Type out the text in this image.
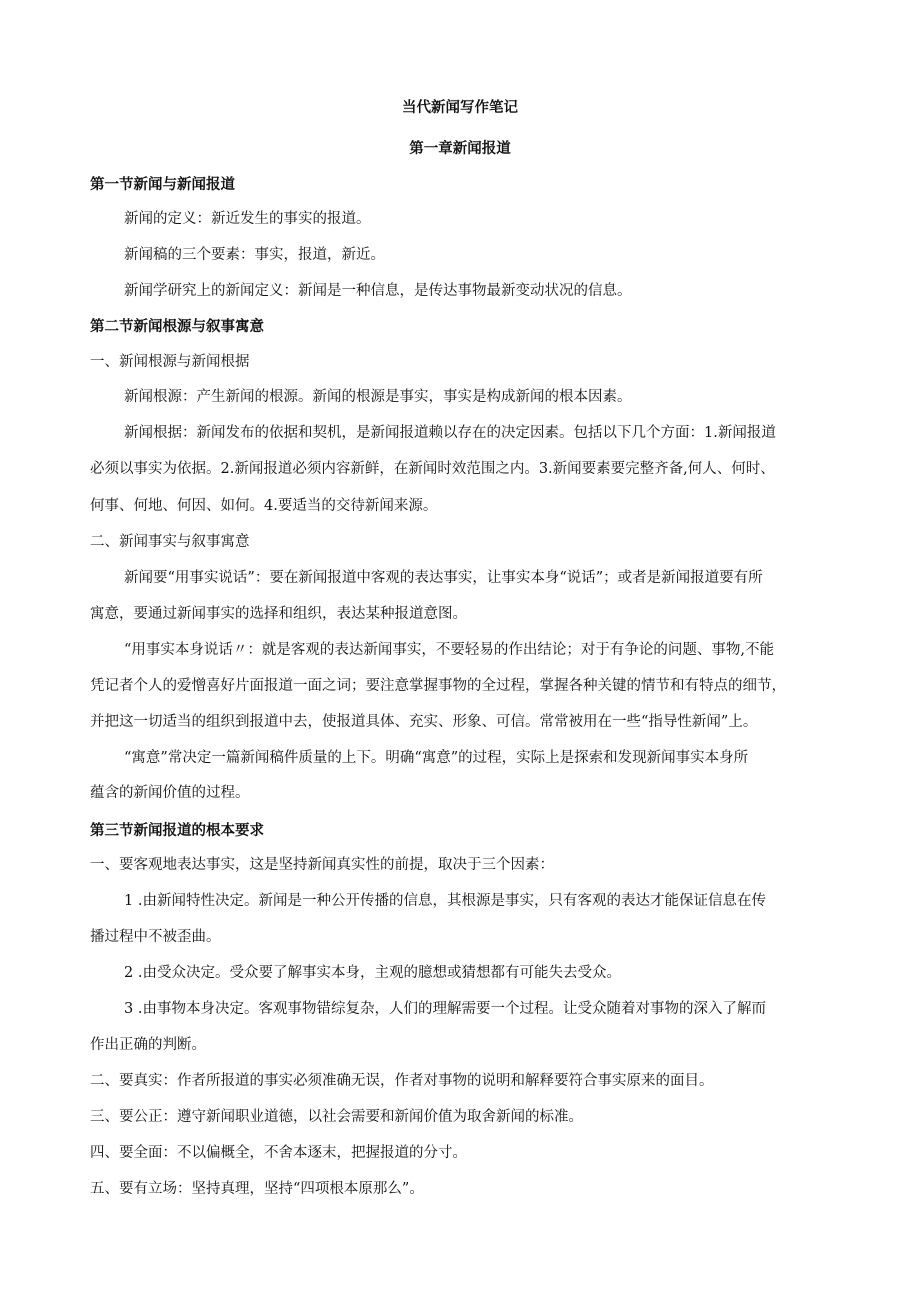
当代新闻写作笔记
第一章新闻报道
第一节新闻与新闻报道
新闻的定义：新近发生的事实的报道。
新闻稿的三个要素：事实，报道，新近。
新闻学研究上的新闻定义：新闻是一种信息，是传达事物最新变动状况的信息。
第二节新闻根源与叙事寓意
一、新闻根源与新闻根据
新闻根源：产生新闻的根源。新闻的根源是事实，事实是构成新闻的根本因素。
新闻根据：新闻发布的依据和契机，是新闻报道赖以存在的决定因素。包括以下几个方面：1.新闻报道
必须以事实为依据。2.新闻报道必须内容新鲜，在新闻时效范围之内。3.新闻要素要完整齐备,何人、何时、
何事、何地、何因、如何。4.要适当的交待新闻来源。
二、新闻事实与叙事寓意
新闻要“用事实说话”：要在新闻报道中客观的表达事实，让事实本身“说话”；或者是新闻报道要有所
寓意，要通过新闻事实的选择和组织，表达某种报道意图。
“用事实本身说话〃：就是客观的表达新闻事实，不要轻易的作出结论；对于有争论的问题、事物,不能
凭记者个人的爱憎喜好片面报道一面之词；要注意掌握事物的全过程，掌握各种关键的情节和有特点的细节，
并把这一切适当的组织到报道中去，使报道具体、充实、形象、可信。常常被用在一些“指导性新闻”上。
“寓意”常决定一篇新闻稿件质量的上下。明确“寓意”的过程，实际上是探索和发现新闻事实本身所
蕴含的新闻价值的过程。
第三节新闻报道的根本要求
一、要客观地表达事实，这是坚持新闻真实性的前提，取决于三个因素：
1 .由新闻特性决定。新闻是一种公开传播的信息，其根源是事实，只有客观的表达才能保证信息在传
播过程中不被歪曲。
2 .由受众决定。受众要了解事实本身，主观的臆想或猜想都有可能失去受众。
3 .由事物本身决定。客观事物错综复杂，人们的理解需要一个过程。让受众随着对事物的深入了解而
作出正确的判断。
二、要真实：作者所报道的事实必须准确无误，作者对事物的说明和解释要符合事实原来的面目。
三、要公正：遵守新闻职业道德，以社会需要和新闻价值为取舍新闻的标准。
四、要全面：不以偏概全，不舍本逐末，把握报道的分寸。
五、要有立场：坚持真理，坚持“四项根本原那么”。
